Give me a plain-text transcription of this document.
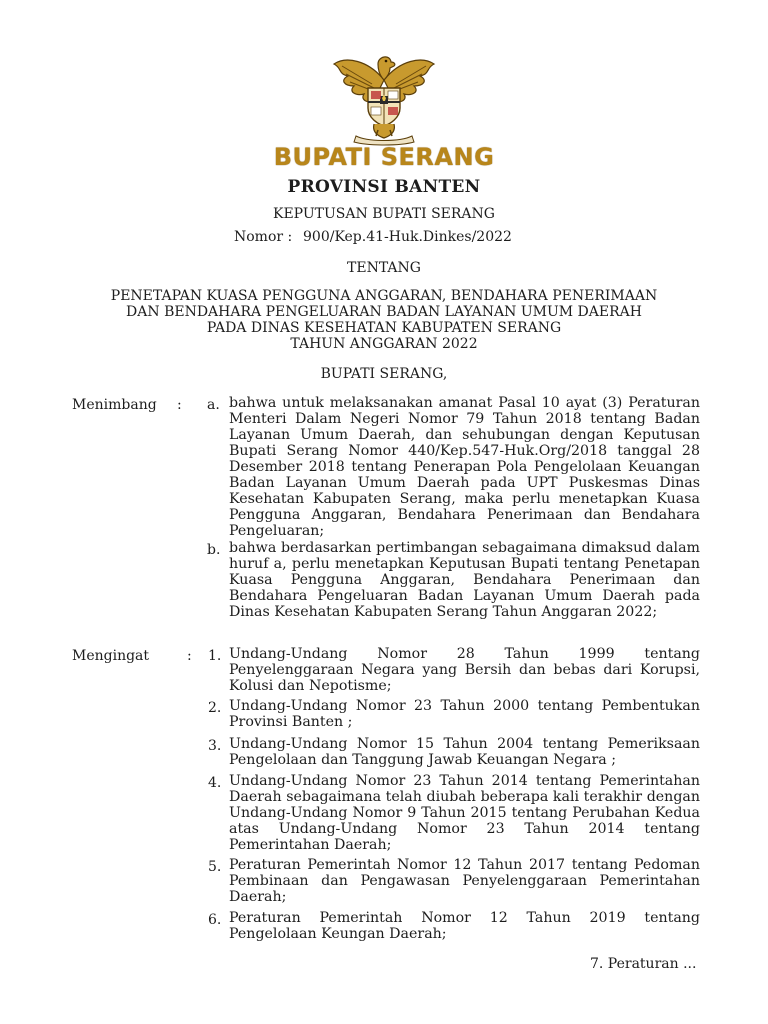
BUPATI SERANG
PROVINSI BANTEN
KEPUTUSAN BUPATI SERANG
Nomor : 900/Kep.41-Huk.Dinkes/2022
TENTANG
PENETAPAN KUASA PENGGUNA ANGGARAN, BENDAHARA PENERIMAAN
DAN BENDAHARA PENGELUARAN BADAN LAYANAN UMUM DAERAH
PADA DINAS KESEHATAN KABUPATEN SERANG
TAHUN ANGGARAN 2022
BUPATI SERANG,
Menimbang : a. bahwa untuk melaksanakan amanat Pasal 10 ayat (3) Peraturan Menteri Dalam Negeri Nomor 79 Tahun 2018 tentang Badan Layanan Umum Daerah, dan sehubungan dengan Keputusan Bupati Serang Nomor 440/Kep.547-Huk.Org/2018 tanggal 28 Desember 2018 tentang Penerapan Pola Pengelolaan Keuangan Badan Layanan Umum Daerah pada UPT Puskesmas Dinas Kesehatan Kabupaten Serang, maka perlu menetapkan Kuasa Pengguna Anggaran, Bendahara Penerimaan dan Bendahara Pengeluaran;
b. bahwa berdasarkan pertimbangan sebagaimana dimaksud dalam huruf a, perlu menetapkan Keputusan Bupati tentang Penetapan Kuasa Pengguna Anggaran, Bendahara Penerimaan dan Bendahara Pengeluaran Badan Layanan Umum Daerah pada Dinas Kesehatan Kabupaten Serang Tahun Anggaran 2022;
Mengingat	: 1. Undang-Undang Nomor 28 Tahun 1999 tentang Penyelenggaraan Negara yang Bersih dan bebas dari Korupsi, Kolusi dan Nepotisme;
2. Undang-Undang Nomor 23 Tahun 2000 tentang Pembentukan Provinsi Banten ;
3. Undang-Undang Nomor 15 Tahun 2004 tentang Pemeriksaan Pengelolaan dan Tanggung Jawab Keuangan Negara ;
4. Undang-Undang Nomor 23 Tahun 2014 tentang Pemerintahan Daerah sebagaimana telah diubah beberapa kali terakhir dengan Undang-Undang Nomor 9 Tahun 2015 tentang Perubahan Kedua atas Undang-Undang Nomor 23 Tahun 2014 tentang Pemerintahan Daerah;
5. Peraturan Pemerintah Nomor 12 Tahun 2017 tentang Pedoman Pembinaan dan Pengawasan Penyelenggaraan Pemerintahan Daerah;
6. Peraturan Pemerintah Nomor 12 Tahun 2019 tentang Pengelolaan Keungan Daerah;
7. Peraturan ...
